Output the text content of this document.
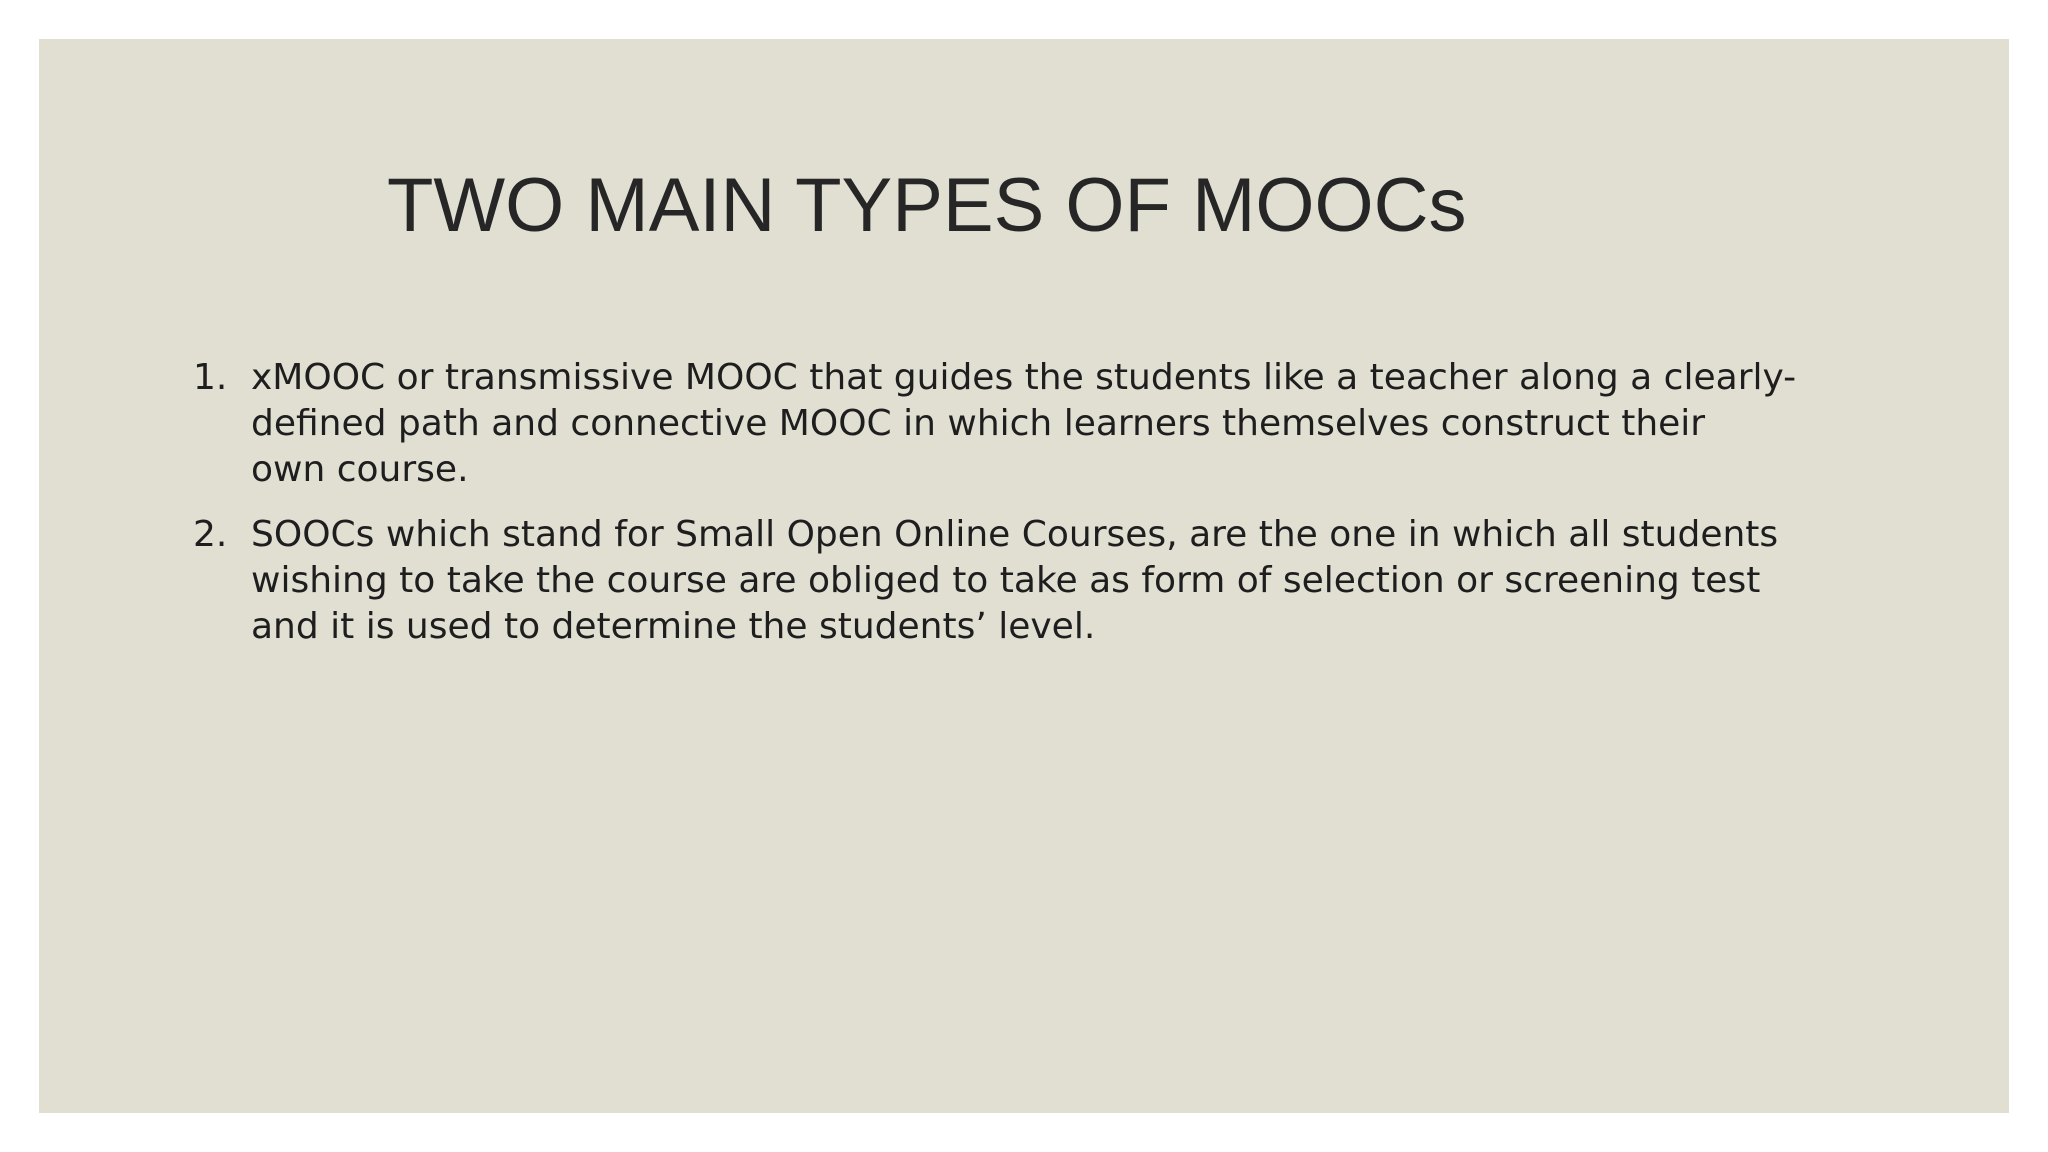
TWO MAIN TYPES OF MOOCs
1. xMOOC or transmissive MOOC that guides the students like a teacher along a clearly-
defined path and connective MOOC in which learners themselves construct their
own course.
2. SOOCs which stand for Small Open Online Courses, are the one in which all students
wishing to take the course are obliged to take as form of selection or screening test
and it is used to determine the students’ level.
